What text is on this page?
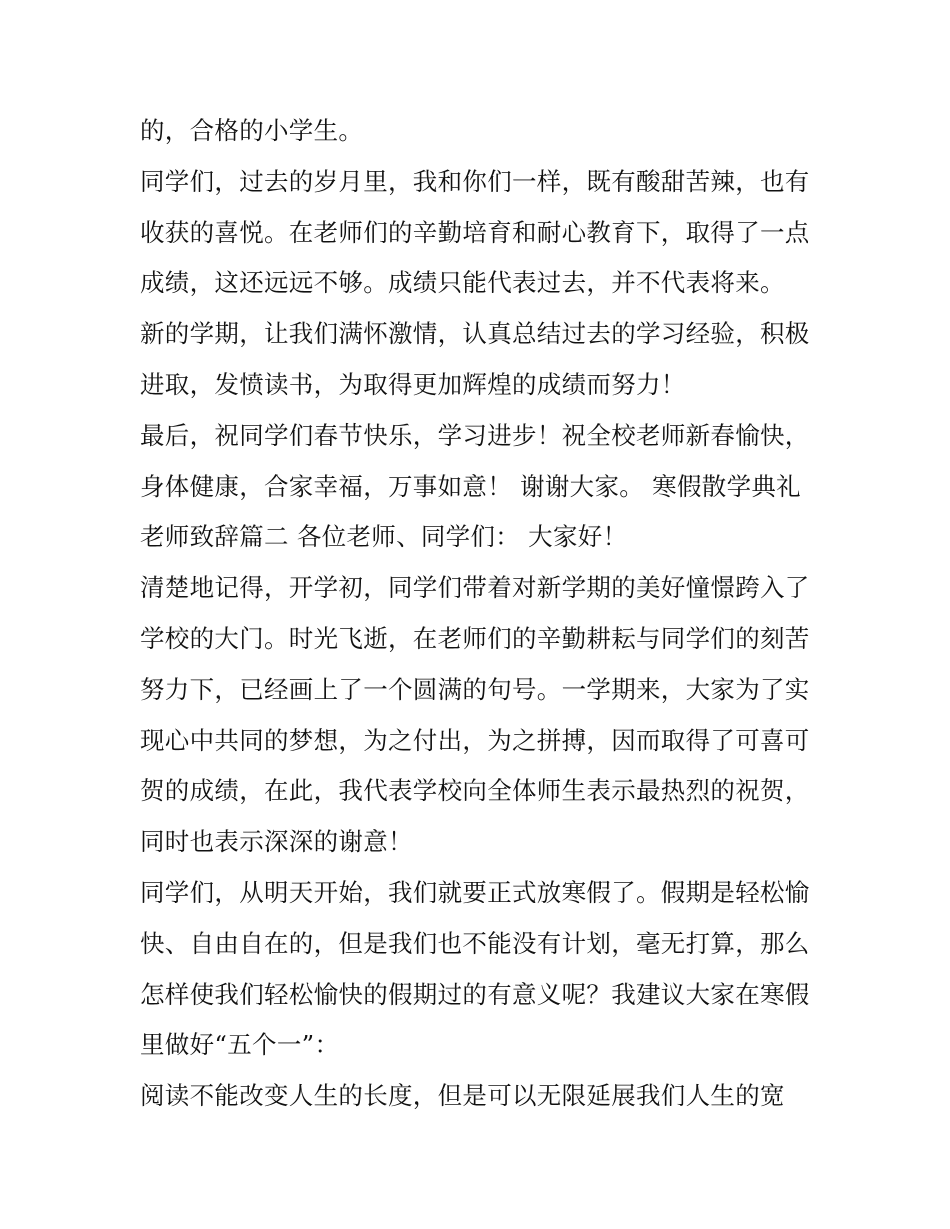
的，合格的小学生。
同学们，过去的岁月里，我和你们一样，既有酸甜苦辣，也有
收获的喜悦。在老师们的辛勤培育和耐心教育下，取得了一点
成绩，这还远远不够。成绩只能代表过去，并不代表将来。
新的学期，让我们满怀激情，认真总结过去的学习经验，积极
进取，发愤读书，为取得更加辉煌的成绩而努力！
最后，祝同学们春节快乐，学习进步！祝全校老师新春愉快，
身体健康，合家幸福，万事如意！ 谢谢大家。 寒假散学典礼
老师致辞篇二 各位老师、同学们： 大家好！
清楚地记得，开学初，同学们带着对新学期的美好憧憬跨入了
学校的大门。时光飞逝，在老师们的辛勤耕耘与同学们的刻苦
努力下，已经画上了一个圆满的句号。一学期来，大家为了实
现心中共同的梦想，为之付出，为之拼搏，因而取得了可喜可
贺的成绩，在此，我代表学校向全体师生表示最热烈的祝贺，
同时也表示深深的谢意！
同学们，从明天开始，我们就要正式放寒假了。假期是轻松愉
快、自由自在的，但是我们也不能没有计划，毫无打算，那么
怎样使我们轻松愉快的假期过的有意义呢？我建议大家在寒假
里做好“五个一”：
阅读不能改变人生的长度，但是可以无限延展我们人生的宽
